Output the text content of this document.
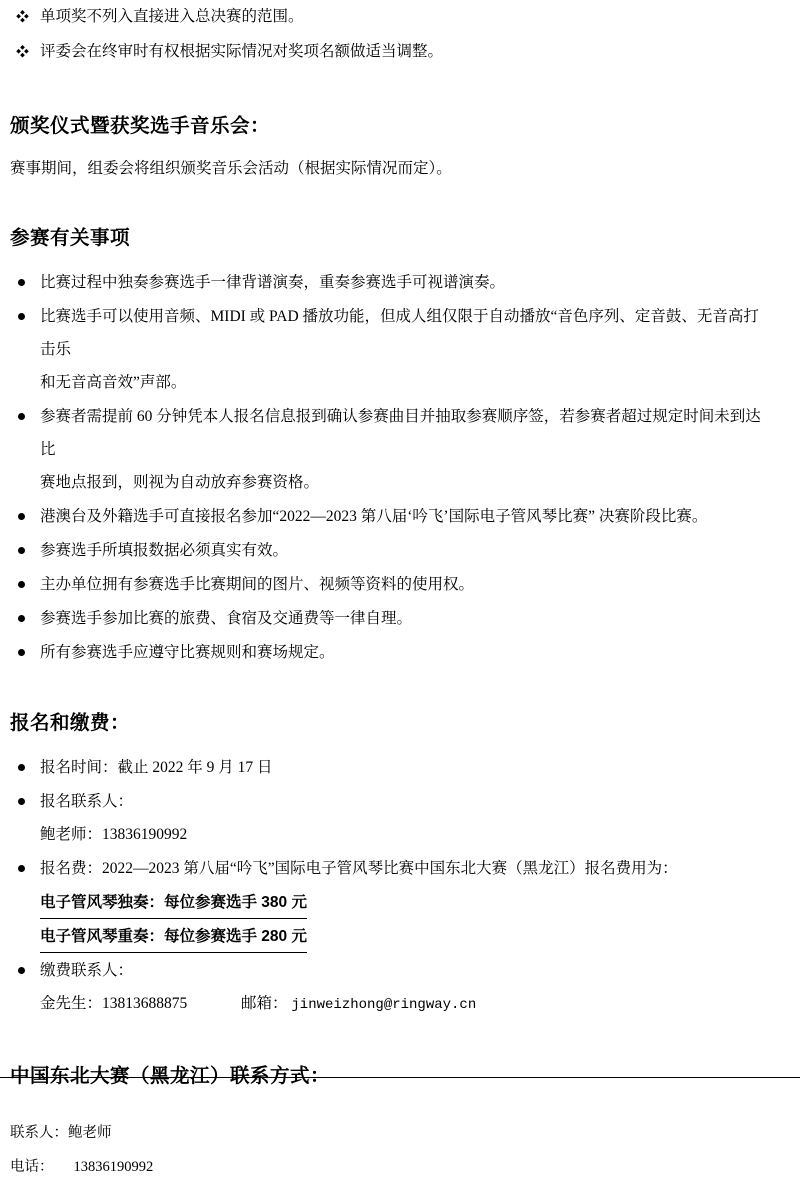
❖ 单项奖不列入直接进入总决赛的范围。
❖ 评委会在终审时有权根据实际情况对奖项名额做适当调整。
颁奖仪式暨获奖选手音乐会：

赛事期间，组委会将组织颁奖音乐会活动（根据实际情况而定）。

参赛有关事项
比赛过程中独奏参赛选手一律背谱演奏，重奏参赛选手可视谱演奏。
比赛选手可以使用音频、MIDI 或 PAD 播放功能，但成人组仅限于自动播放“音色序列、定音鼓、无音高打击乐
和无音高音效”声部。
参赛者需提前 60 分钟凭本人报名信息报到确认参赛曲目并抽取参赛顺序签，若参赛者超过规定时间未到达比
赛地点报到，则视为自动放弃参赛资格。
港澳台及外籍选手可直接报名参加“2022—2023 第八届‘吟飞’国际电子管风琴比赛” 决赛阶段比赛。
参赛选手所填报数据必须真实有效。
主办单位拥有参赛选手比赛期间的图片、视频等资料的使用权。
参赛选手参加比赛的旅费、食宿及交通费等一律自理。
所有参赛选手应遵守比赛规则和赛场规定。
报名和缴费：
报名时间：截止 2022 年 9 月 17 日
报名联系人：
鲍老师：13836190992
报名费：2022—2023 第八届“吟飞”国际电子管风琴比赛中国东北大赛（黑龙江）报名费用为：
电子管风琴独奏：每位参赛选手 380 元
电子管风琴重奏：每位参赛选手 280 元
缴费联系人：
金先生：13813688875	邮箱： jinweizhong@ringway.cn
中国东北大赛（黑龙江）联系方式：
联系人：鲍老师
电话： 13836190992
